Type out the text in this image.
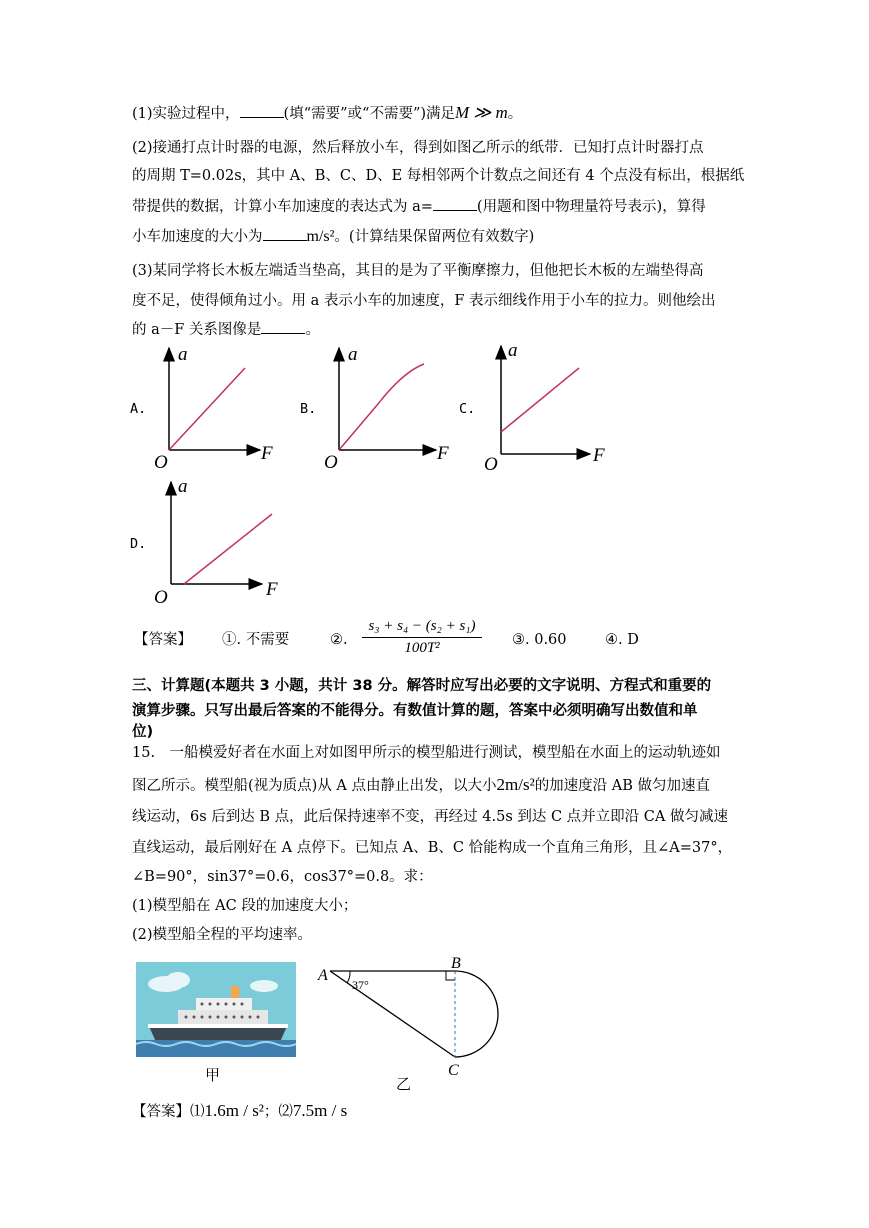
(1)实验过程中，	(填“需要”或“不需要”)满足M ≫ m。
(2)接通打点计时器的电源，然后释放小车，得到如图乙所示的纸带．已知打点计时器打点
的周期 T=0.02s，其中 A、B、C、D、E 每相邻两个计数点之间还有 4 个点没有标出，根据纸
带提供的数据，计算小车加速度的表达式为 a=	(用题和图中物理量符号表示)，算得
小车加速度的大小为	m/s²。(计算结果保留两位有效数字)
(3)某同学将长木板左端适当垫高，其目的是为了平衡摩擦力，但他把长木板的左端垫得高
度不足，使得倾角过小。用 a 表示小车的加速度，F 表示细线作用于小车的拉力。则他绘出
的 a－F 关系图像是	。
A.	B.	C.
D.
a
F
O
a
F
O
a
F
O
a
F
O
【答案】 ①. 不需要	②. $\frac{\text{s₃ + s₄ − (s₂ + s₁)}}{\text{100T²}}$ ③. 0.60	④. D
三、计算题(本题共 3 小题，共计 38 分。解答时应写出必要的文字说明、方程式和重要的
演算步骤。只写出最后答案的不能得分。有数值计算的题，答案中必须明确写出数值和单
位)
15.　一船模爱好者在水面上对如图甲所示的模型船进行测试，模型船在水面上的运动轨迹如
图乙所示。模型船(视为质点)从 A 点由静止出发，以大小2m/s²的加速度沿 AB 做匀加速直
线运动，6s 后到达 B 点，此后保持速率不变，再经过 4.5s 到达 C 点并立即沿 CA 做匀减速
直线运动，最后刚好在 A 点停下。已知点 A、B、C 恰能构成一个直角三角形，且∠A=37°，
∠B=90°，sin37°=0.6，cos37°=0.8。求：
(1)模型船在 AC 段的加速度大小；
(2)模型船全程的平均速率。
甲
37°
A
B
C
乙
【答案】⑴1.6m / s²；⑵7.5m / s
